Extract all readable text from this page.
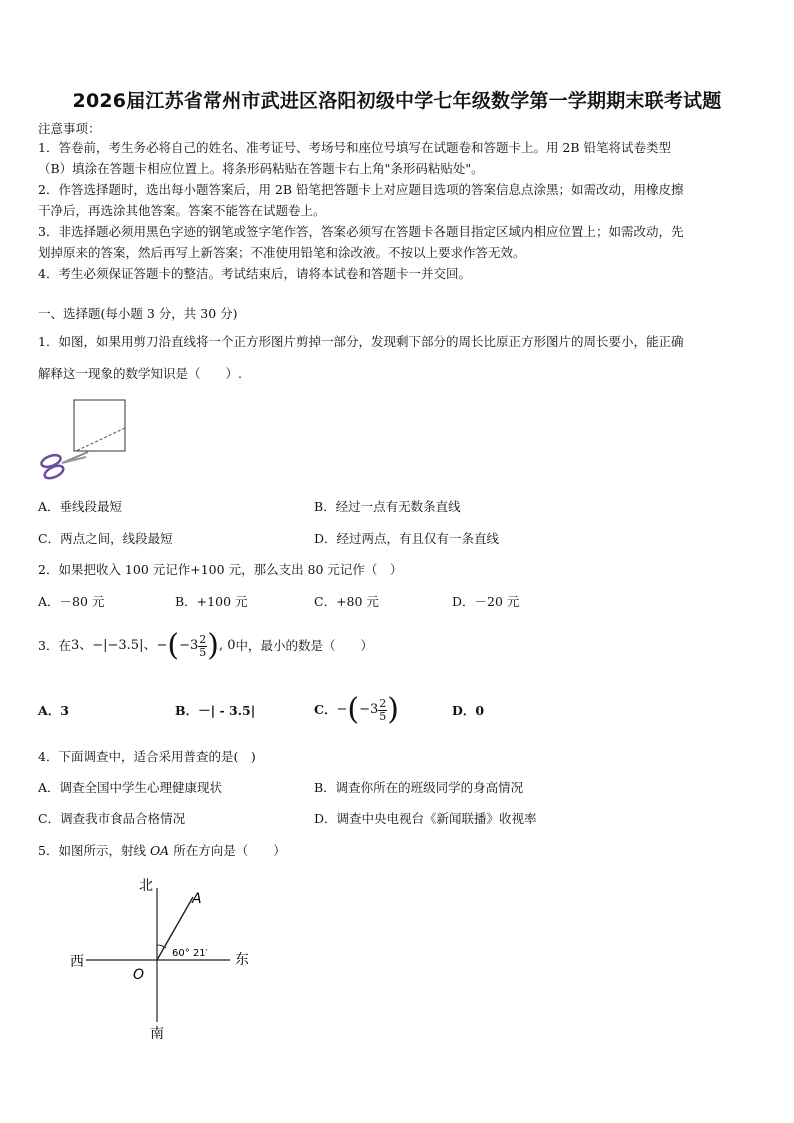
2026届江苏省常州市武进区洛阳初级中学七年级数学第一学期期末联考试题
注意事项：
1．答卷前，考生务必将自己的姓名、准考证号、考场号和座位号填写在试题卷和答题卡上。用 2B 铅笔将试卷类型
（B）填涂在答题卡相应位置上。将条形码粘贴在答题卡右上角"条形码粘贴处"。
2．作答选择题时，选出每小题答案后，用 2B 铅笔把答题卡上对应题目选项的答案信息点涂黑；如需改动，用橡皮擦
干净后，再选涂其他答案。答案不能答在试题卷上。
3．非选择题必须用黑色字迹的钢笔或签字笔作答，答案必须写在答题卡各题目指定区域内相应位置上；如需改动，先
划掉原来的答案，然后再写上新答案；不准使用铅笔和涂改液。不按以上要求作答无效。
4．考生必须保证答题卡的整洁。考试结束后，请将本试卷和答题卡一并交回。
一、选择题(每小题 3 分，共 30 分)
1．如图，如果用剪刀沿直线将一个正方形图片剪掉一部分，发现剩下部分的周长比原正方形图片的周长要小，能正确
解释这一现象的数学知识是（　　）.
A．垂线段最短	B．经过一点有无数条直线
C．两点之间，线段最短	D．经过两点，有且仅有一条直线
2．如果把收入 100 元记作+100 元，那么支出 80 元记作（　）
A．－80 元	B．+100 元	C．+80 元	D．－20 元
3．在 3、−|−3.5|、− ( $-3 \frac{2}{5}$ ) , 0 中，最小的数是（　　）
A．3	B．－| - 3.5|	C． − ( $-3 \frac{2}{5}$ )	D．0
4．下面调查中，适合采用普查的是(　)
A．调查全国中学生心理健康现状	B．调查你所在的班级同学的身高情况
C．调查我市食品合格情况	D．调查中央电视台《新闻联播》收视率
5．如图所示，射线 OA 所在方向是（　　）
北
南
西	东
A
O
60° 21′
